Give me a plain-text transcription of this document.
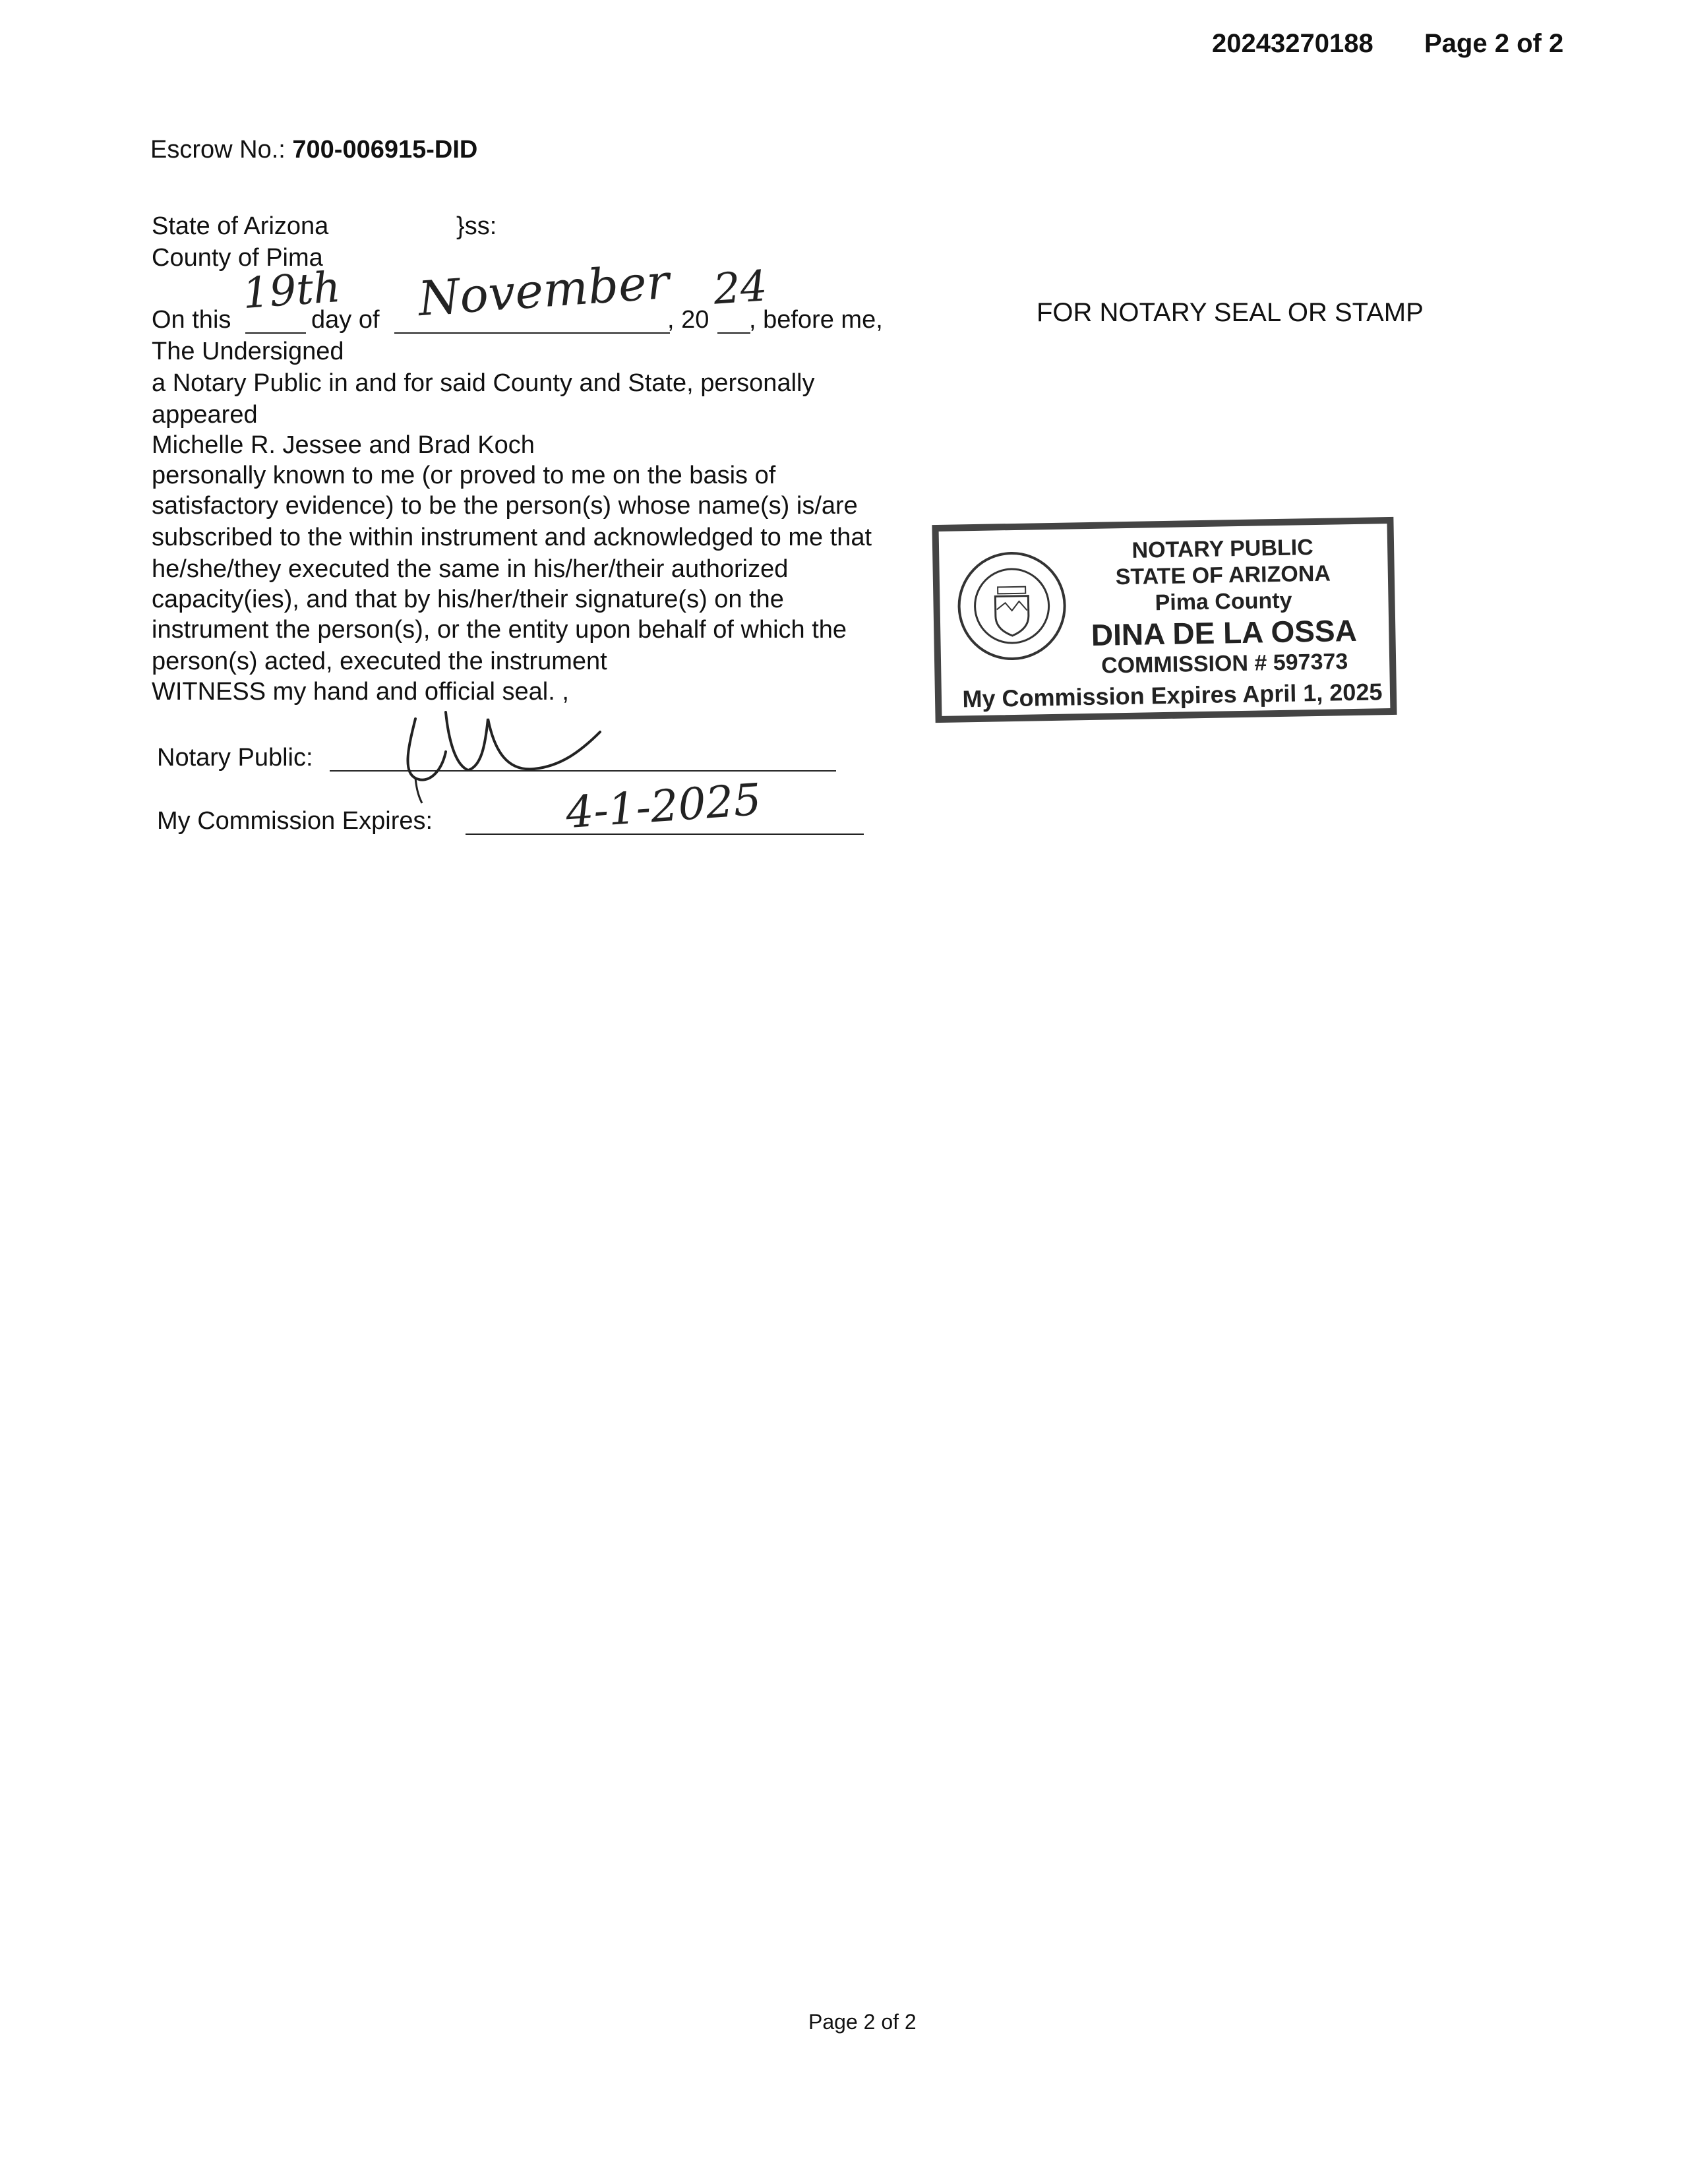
20243270188 Page 2 of 2
Escrow No.: 700-006915-DID
State of Arizona	}ss:
County of Pima
On this
19th
day of November
, 20
24
, before me,	FOR NOTARY SEAL OR STAMP
The Undersigned
a Notary Public in and for said County and State, personally
appeared
Michelle R. Jessee and Brad Koch
personally known to me (or proved to me on the basis of
satisfactory evidence) to be the person(s) whose name(s) is/are
subscribed to the within instrument and acknowledged to me that
he/she/they executed the same in his/her/their authorized
capacity(ies), and that by his/her/their signature(s) on the
instrument the person(s), or the entity upon behalf of which the
person(s) acted, executed the instrument
WITNESS my hand and official seal. ,
Notary Public:
My Commission Expires:	4-1-2025
NOTARY PUBLIC
STATE OF ARIZONA
Pima County
DINA DE LA OSSA
COMMISSION # 597373
My Commission Expires April 1, 2025
Page 2 of 2
